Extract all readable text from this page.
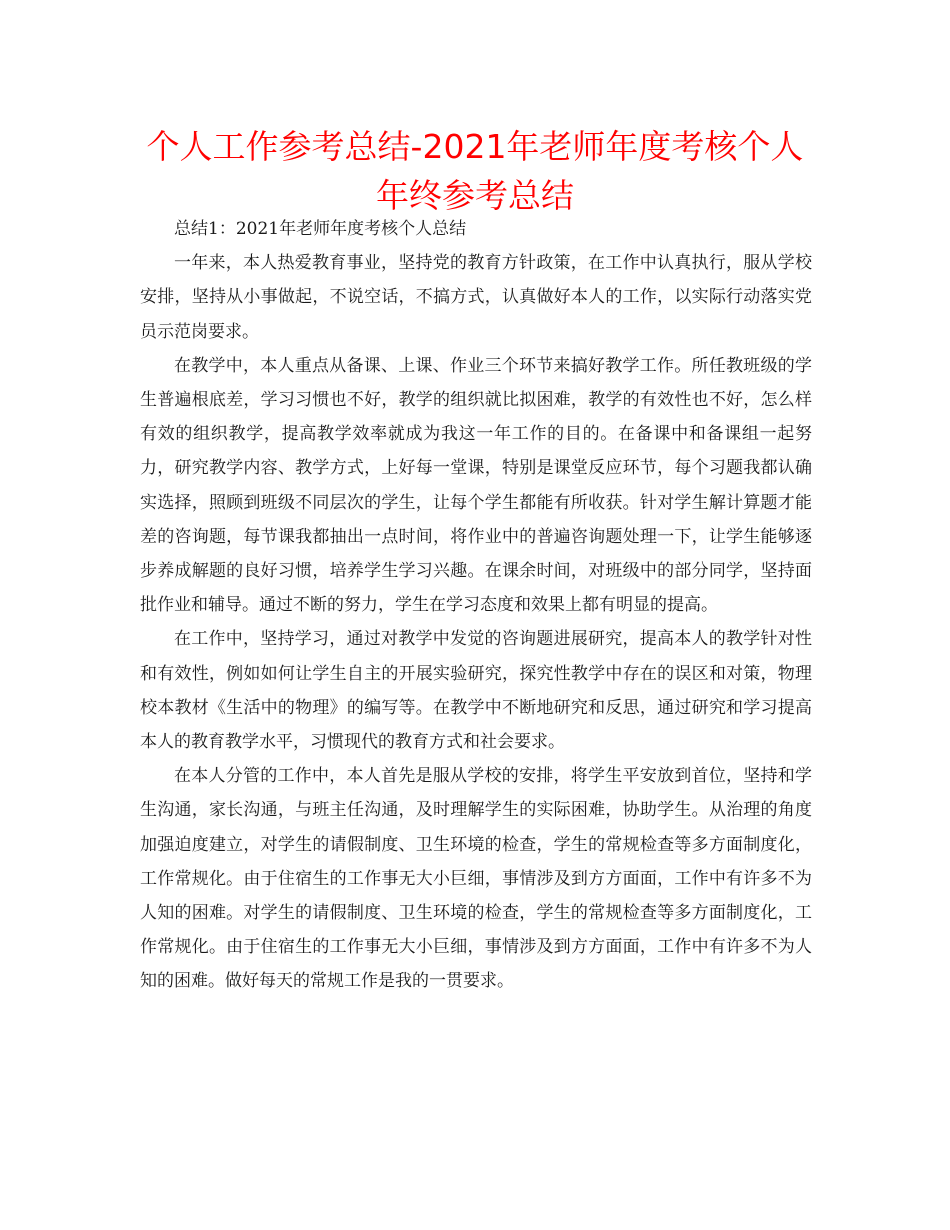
个人工作参考总结-2021年老师年度考核个人年终参考总结

总结1：2021年老师年度考核个人总结

一年来，本人热爱教育事业，坚持党的教育方针政策，在工作中认真执行，服从学校安排，坚持从小事做起，不说空话，不搞方式，认真做好本人的工作，以实际行动落实党员示范岗要求。

在教学中，本人重点从备课、上课、作业三个环节来搞好教学工作。所任教班级的学生普遍根底差，学习习惯也不好，教学的组织就比拟困难，教学的有效性也不好，怎么样有效的组织教学，提高教学效率就成为我这一年工作的目的。在备课中和备课组一起努力，研究教学内容、教学方式，上好每一堂课，特别是课堂反应环节，每个习题我都认确实选择，照顾到班级不同层次的学生，让每个学生都能有所收获。针对学生解计算题才能差的咨询题，每节课我都抽出一点时间，将作业中的普遍咨询题处理一下，让学生能够逐步养成解题的良好习惯，培养学生学习兴趣。在课余时间，对班级中的部分同学，坚持面批作业和辅导。通过不断的努力，学生在学习态度和效果上都有明显的提高。

在工作中，坚持学习，通过对教学中发觉的咨询题进展研究，提高本人的教学针对性和有效性，例如如何让学生自主的开展实验研究，探究性教学中存在的误区和对策，物理校本教材《生活中的物理》的编写等。在教学中不断地研究和反思，通过研究和学习提高本人的教育教学水平，习惯现代的教育方式和社会要求。

在本人分管的工作中，本人首先是服从学校的安排，将学生平安放到首位，坚持和学生沟通，家长沟通，与班主任沟通，及时理解学生的实际困难，协助学生。从治理的角度加强迫度建立，对学生的请假制度、卫生环境的检查，学生的常规检查等多方面制度化，工作常规化。由于住宿生的工作事无大小巨细，事情涉及到方方面面，工作中有许多不为人知的困难。对学生的请假制度、卫生环境的检查，学生的常规检查等多方面制度化，工作常规化。由于住宿生的工作事无大小巨细，事情涉及到方方面面，工作中有许多不为人知的困难。做好每天的常规工作是我的一贯要求。
